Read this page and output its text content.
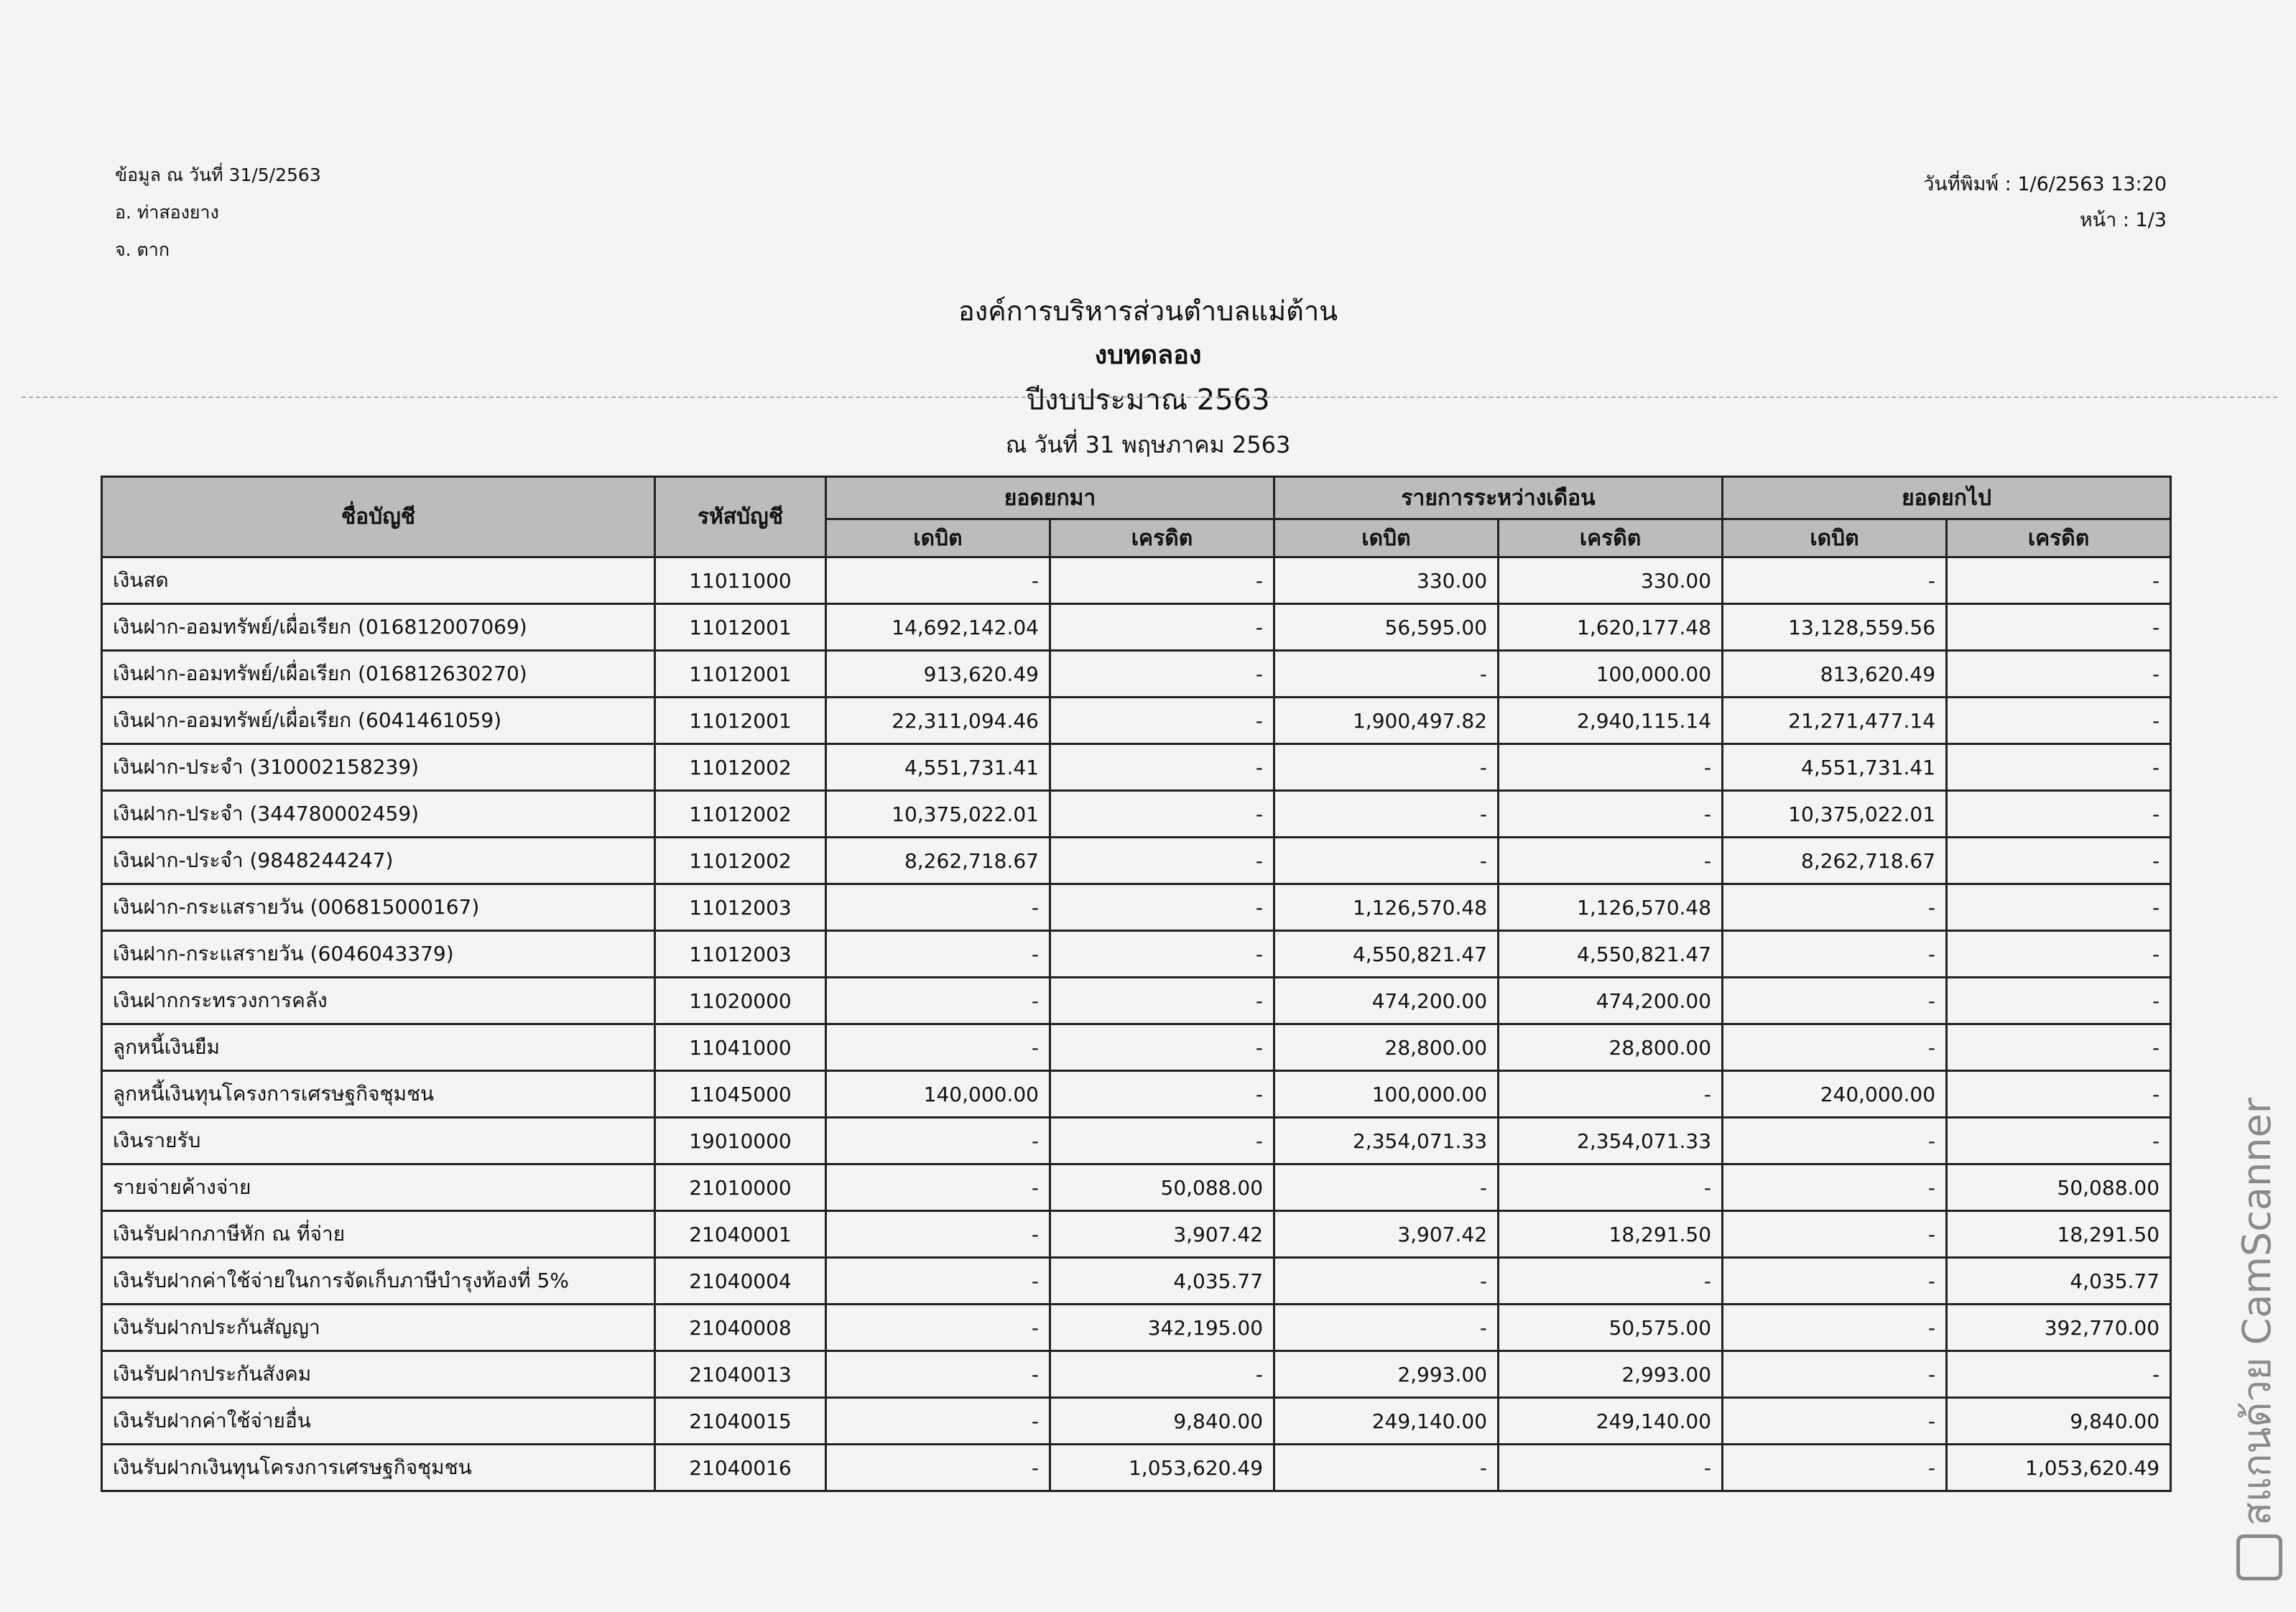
ข้อมูล ณ วันที่ 31/5/2563
อ. ท่าสองยาง
จ. ตาก
วันที่พิมพ์ : 1/6/2563 13:20
หน้า : 1/3
องค์การบริหารส่วนตำบลแม่ต้าน
งบทดลอง
ปีงบประมาณ 2563
ณ วันที่ 31 พฤษภาคม 2563
ชื่อบัญชี	รหัสบัญชี	ยอดยกมา		รายการระหว่างเดือน		ยอดยกไป	
		เดบิต	เครดิต	เดบิต	เครดิต	เดบิต	เครดิต
เงินสด	11011000	-	-	330.00	330.00	-	-
เงินฝาก-ออมทรัพย์/เผื่อเรียก (016812007069)	11012001	14,692,142.04	-	56,595.00	1,620,177.48	13,128,559.56	-
เงินฝาก-ออมทรัพย์/เผื่อเรียก (016812630270)	11012001	913,620.49	-	-	100,000.00	813,620.49	-
เงินฝาก-ออมทรัพย์/เผื่อเรียก (6041461059)	11012001	22,311,094.46	-	1,900,497.82	2,940,115.14	21,271,477.14	-
เงินฝาก-ประจำ (310002158239)	11012002	4,551,731.41	-	-	-	4,551,731.41	-
เงินฝาก-ประจำ (344780002459)	11012002	10,375,022.01	-	-	-	10,375,022.01	-
เงินฝาก-ประจำ (9848244247)	11012002	8,262,718.67	-	-	-	8,262,718.67	-
เงินฝาก-กระแสรายวัน (006815000167)	11012003	-	-	1,126,570.48	1,126,570.48	-	-
เงินฝาก-กระแสรายวัน (6046043379)	11012003	-	-	4,550,821.47	4,550,821.47	-	-
เงินฝากกระทรวงการคลัง	11020000	-	-	474,200.00	474,200.00	-	-
ลูกหนี้เงินยืม	11041000	-	-	28,800.00	28,800.00	-	-
ลูกหนี้เงินทุนโครงการเศรษฐกิจชุมชน	11045000	140,000.00	-	100,000.00	-	240,000.00	-
เงินรายรับ	19010000	-	-	2,354,071.33	2,354,071.33	-	-
รายจ่ายค้างจ่าย	21010000	-	50,088.00	-	-	-	50,088.00
เงินรับฝากภาษีหัก ณ ที่จ่าย	21040001	-	3,907.42	3,907.42	18,291.50	-	18,291.50
เงินรับฝากค่าใช้จ่ายในการจัดเก็บภาษีบำรุงท้องที่ 5%	21040004	-	4,035.77	-	-	-	4,035.77
เงินรับฝากประกันสัญญา	21040008	-	342,195.00	-	50,575.00	-	392,770.00
เงินรับฝากประกันสังคม	21040013	-	-	2,993.00	2,993.00	-	-
เงินรับฝากค่าใช้จ่ายอื่น	21040015	-	9,840.00	249,140.00	249,140.00	-	9,840.00
เงินรับฝากเงินทุนโครงการเศรษฐกิจชุมชน	21040016	-	1,053,620.49	-	-	-	1,053,620.49 สแกนด้วย CamScanner
